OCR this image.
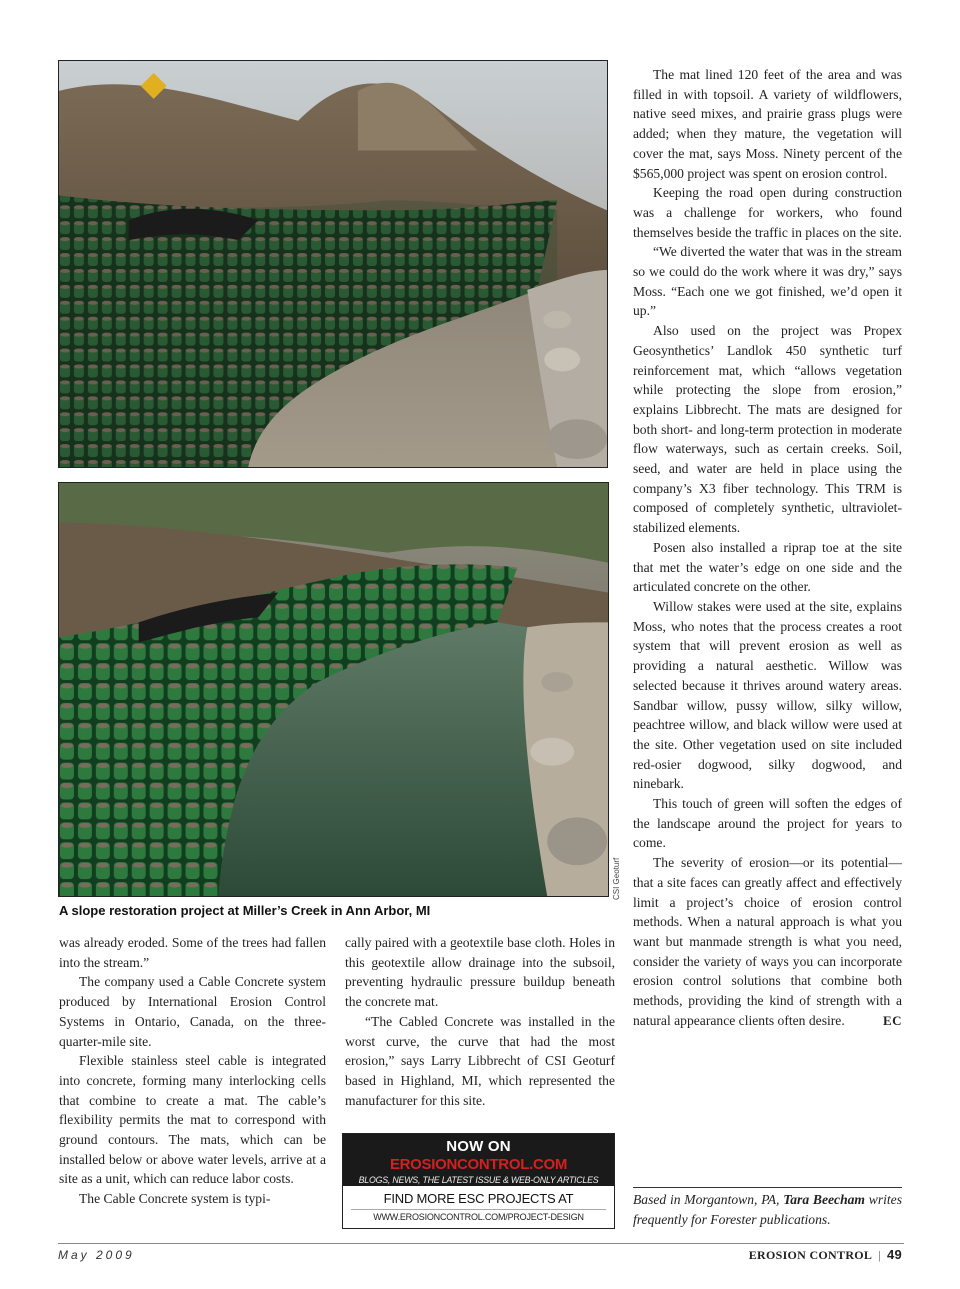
CSI Geoturf
A slope restoration project at Miller’s Creek in Ann Arbor, MI

was already eroded. Some of the trees had fallen into the stream.”

The company used a Cable Concrete system produced by International Erosion Control Systems in Ontario, Canada, on the three-quarter-mile site.

Flexible stainless steel cable is integrated into concrete, forming many interlocking cells that combine to create a mat. The cable’s flexibility permits the mat to correspond with ground contours. The mats, which can be installed below or above water levels, arrive at a site as a unit, which can reduce labor costs.

The Cable Concrete system is typi-

cally paired with a geotextile base cloth. Holes in this geotextile allow drainage into the subsoil, preventing hydraulic pressure buildup beneath the concrete mat.

“The Cabled Concrete was installed in the worst curve, the curve that had the most erosion,” says Larry Libbrecht of CSI Geoturf based in Highland, MI, which represented the manufacturer for this site.

NOW ON
EROSIONCONTROL.COM
BLOGS, NEWS, THE LATEST ISSUE & WEB-ONLY ARTICLES
FIND MORE ESC PROJECTS AT
WWW.EROSIONCONTROL.COM/PROJECT-DESIGN

The mat lined 120 feet of the area and was filled in with topsoil. A variety of wildflowers, native seed mixes, and prairie grass plugs were added; when they mature, the vegetation will cover the mat, says Moss. Ninety percent of the $565,000 project was spent on erosion control.

Keeping the road open during construction was a challenge for workers, who found themselves beside the traffic in places on the site.

“We diverted the water that was in the stream so we could do the work where it was dry,” says Moss. “Each one we got finished, we’d open it up.”

Also used on the project was Propex Geosynthetics’ Landlok 450 synthetic turf reinforcement mat, which “allows vegetation while protecting the slope from erosion,” explains Libbrecht. The mats are designed for both short- and long-term protection in moderate flow waterways, such as certain creeks. Soil, seed, and water are held in place using the company’s X3 fiber technology. This TRM is composed of completely synthetic, ultraviolet-stabilized elements.

Posen also installed a riprap toe at the site that met the water’s edge on one side and the articulated concrete on the other.

Willow stakes were used at the site, explains Moss, who notes that the process creates a root system that will prevent erosion as well as providing a natural aesthetic. Willow was selected because it thrives around watery areas. Sandbar willow, pussy willow, silky willow, peachtree willow, and black willow were used at the site. Other vegetation used on site included red-osier dogwood, silky dogwood, and ninebark.

This touch of green will soften the edges of the landscape around the project for years to come.

The severity of erosion—or its potential—that a site faces can greatly affect and effectively limit a project’s choice of erosion control methods. When a natural approach is what you want but manmade strength is what you need, consider the variety of ways you can incorporate erosion control solutions that combine both methods, providing the kind of strength with a natural appearance clients often desire.	EC

Based in Morgantown, PA, Tara Beecham writes frequently for Forester publications.
May 2009	EROSION CONTROL | 49
